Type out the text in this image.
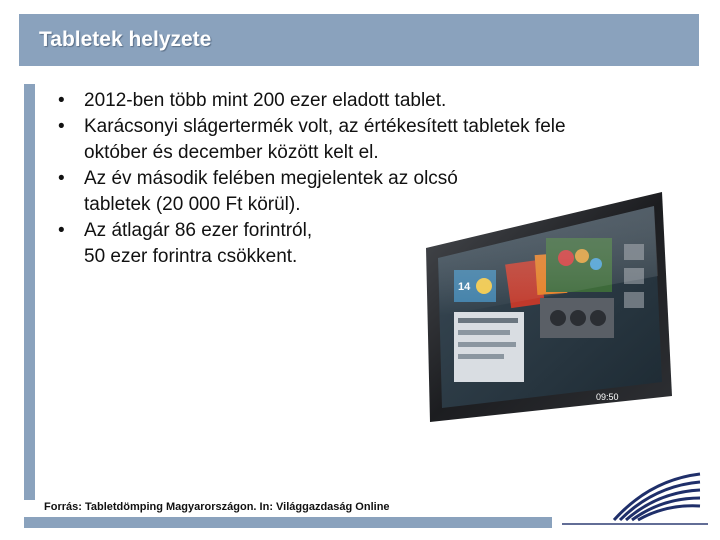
Tabletek helyzete
• 2012-ben több mint 200 ezer eladott tablet.
• Karácsonyi slágertermék volt, az értékesített tabletek fele
október és december között kelt el.
• Az év második felében megjelentek az olcsó
tabletek (20 000 Ft körül).
• Az átlagár 86 ezer forintról,
50 ezer forintra csökkent.
09:50
Forrás: Tabletdömping Magyarországon. In: Világgazdaság Online
